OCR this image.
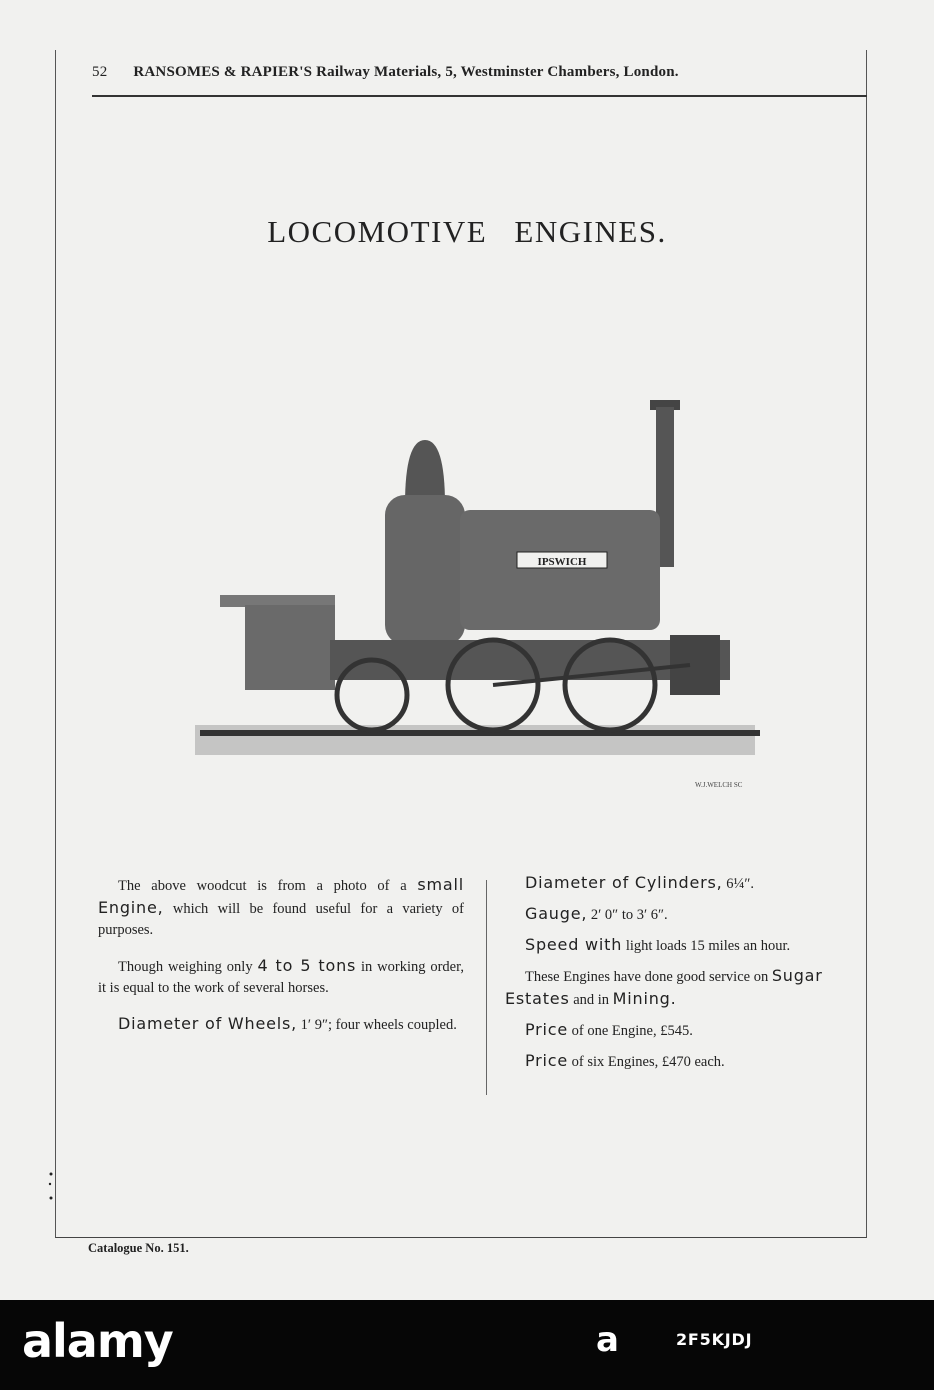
52 RANSOMES & RAPIER'S Railway Materials, 5, Westminster Chambers, London.
LOCOMOTIVE ENGINES.
IPSWICH
W.J.WELCH SC

The above woodcut is from a photo of a small Engine, which will be found useful for a variety of purposes.

Though weighing only 4 to 5 tons in working order, it is equal to the work of several horses.

Diameter of Wheels, 1′ 9″; four wheels coupled.

Diameter of Cylinders, 6¼″.

Gauge, 2′ 0″ to 3′ 6″.

Speed with light loads 15 miles an hour.

These Engines have done good service on Sugar Estates and in Mining.

Price of one Engine, £545.

Price of six Engines, £470 each.

Catalogue No. 151.
alamy	a	2F5KJDJ
